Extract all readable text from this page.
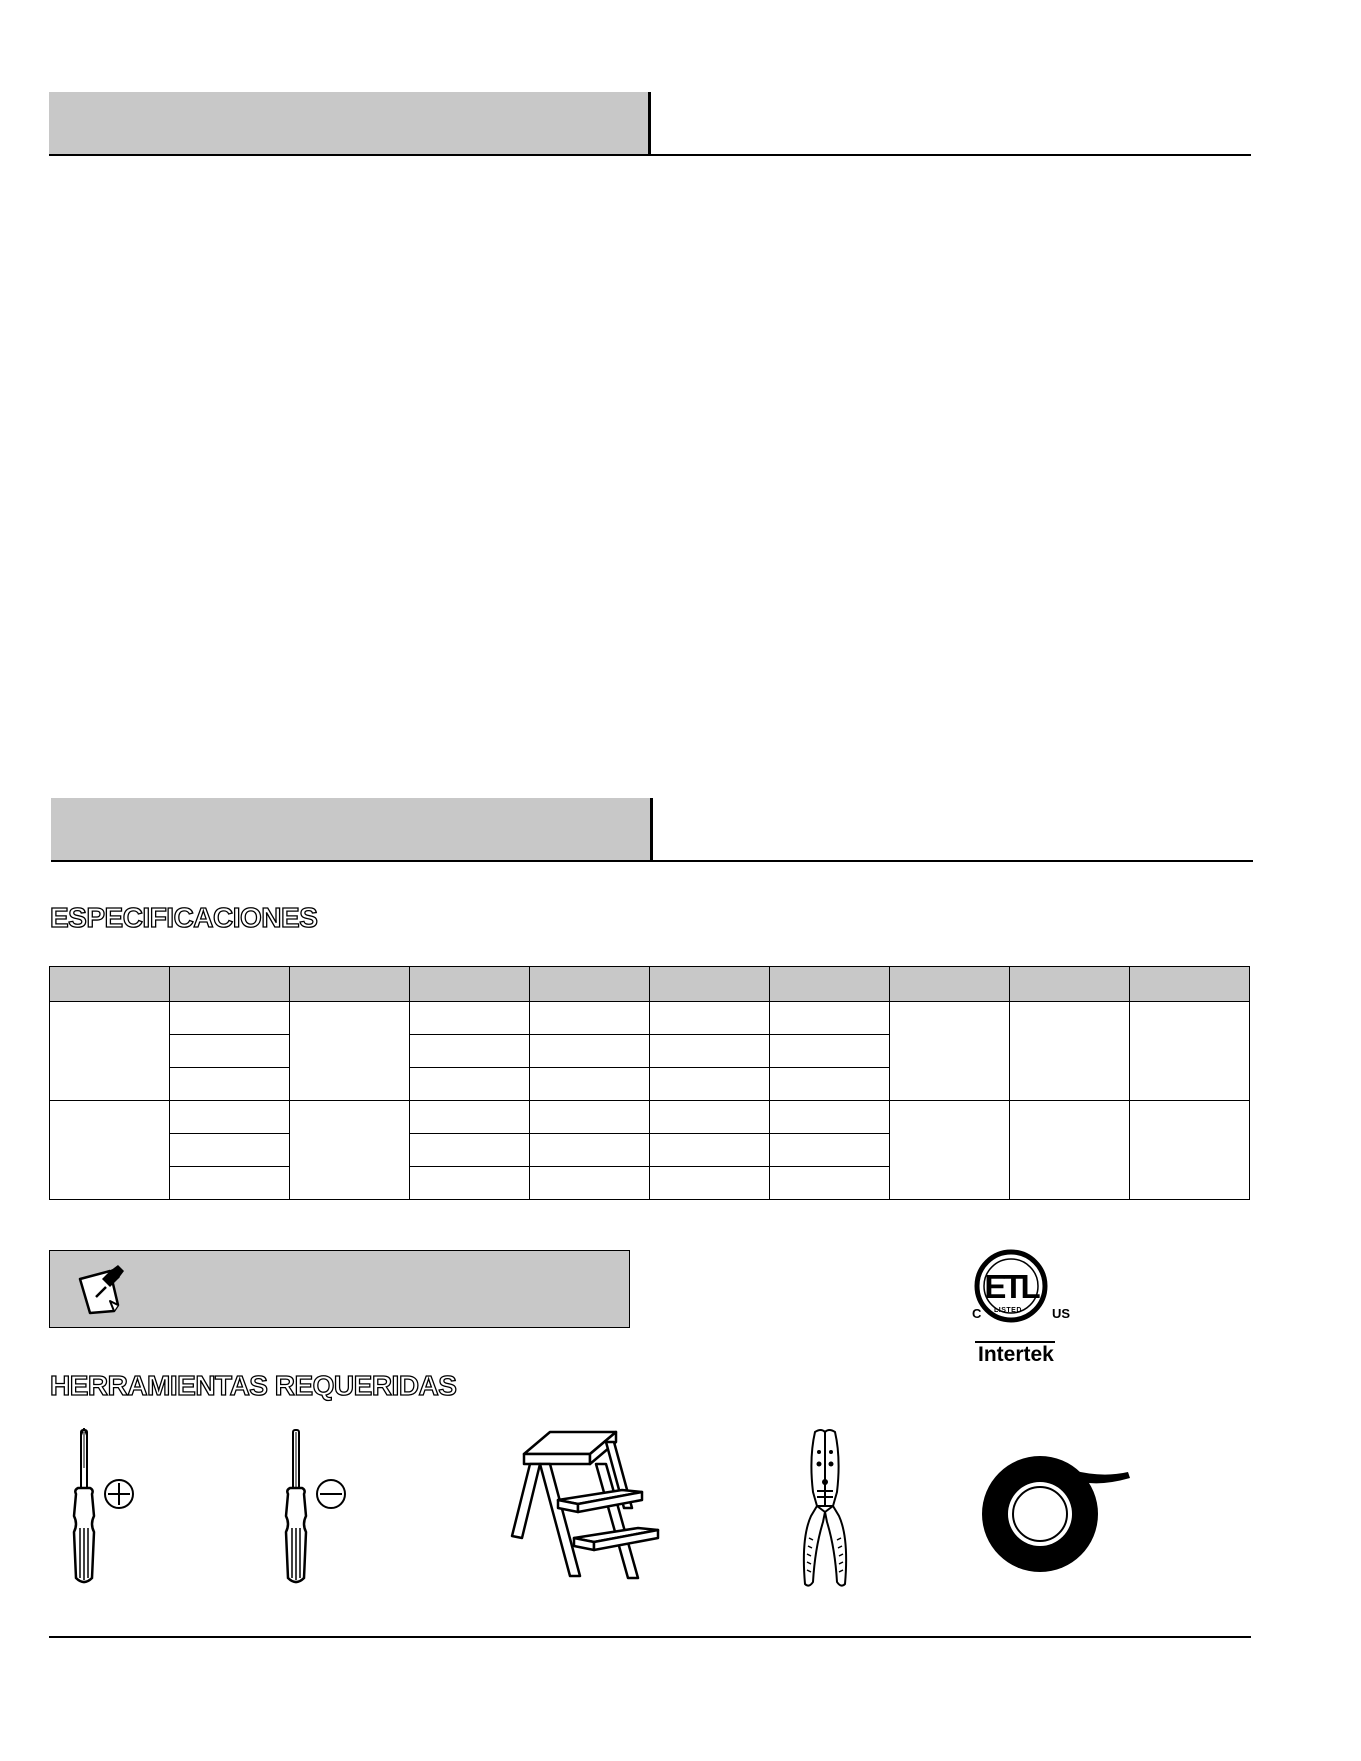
ESPECIFICACIONES

ETL
LISTED
C	US
Intertek
HERRAMIENTAS REQUERIDAS
